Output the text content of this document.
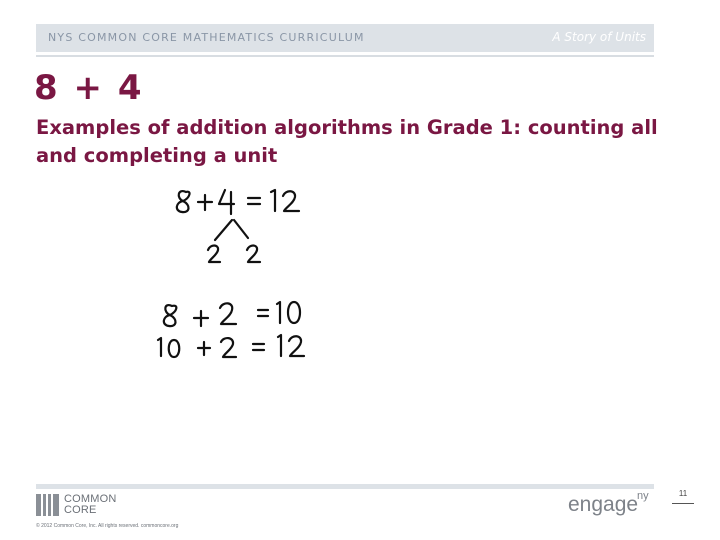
NYS COMMON CORE MATHEMATICS CURRICULUM	A Story of Units
8 + 4
Examples of addition algorithms in Grade 1: counting all and completing a unit
COMMON
CORE
© 2012 Common Core, Inc. All rights reserved. commoncore.org
engage
ny	11
